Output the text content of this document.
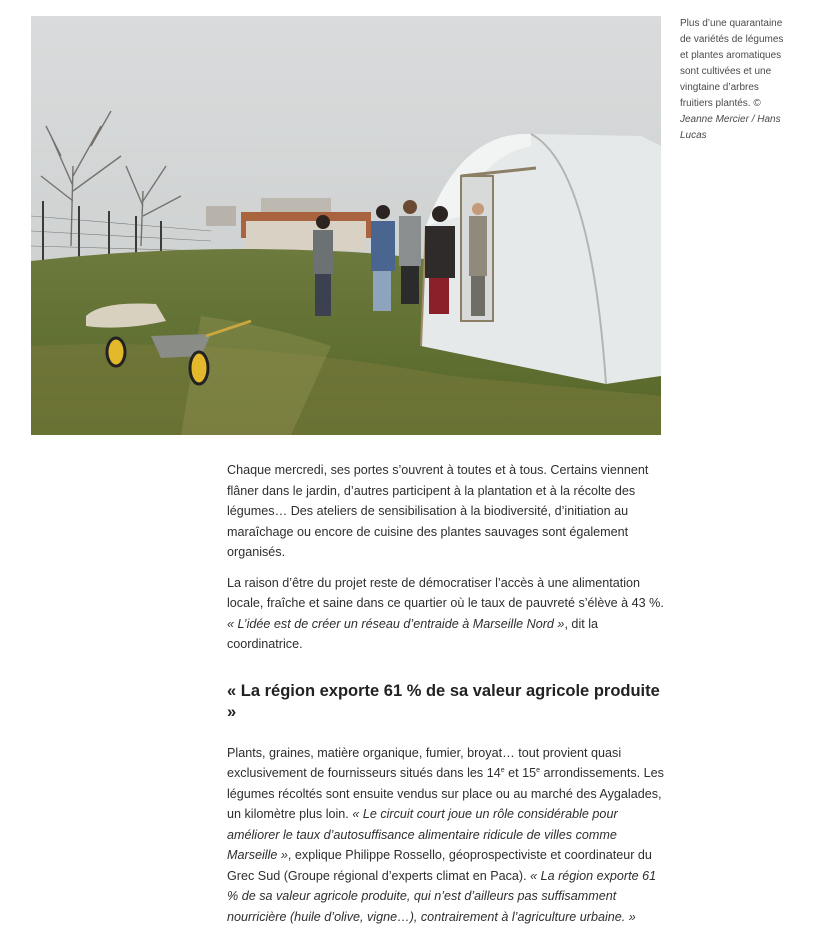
Plus d’une quarantaine de variétés de légumes et plantes aromatiques sont cultivées et une vingtaine d’arbres fruitiers plantés. © Jeanne Mercier / Hans Lucas

Chaque mercredi, ses portes s’ouvrent à toutes et à tous. Certains viennent flâner dans le jardin, d’autres participent à la plantation et à la récolte des légumes… Des ateliers de sensibilisation à la biodiversité, d’initiation au maraîchage ou encore de cuisine des plantes sauvages sont également organisés.

La raison d’être du projet reste de démocratiser l’accès à une alimentation locale, fraîche et saine dans ce quartier où le taux de pauvreté s’élève à 43 %. « L’idée est de créer un réseau d’entraide à Marseille Nord », dit la coordinatrice.

« La région exporte 61 % de sa valeur agricole produite »

Plants, graines, matière organique, fumier, broyat… tout provient quasi exclusivement de fournisseurs situés dans les 14e et 15e arrondissements. Les légumes récoltés sont ensuite vendus sur place ou au marché des Aygalades, un kilomètre plus loin. « Le circuit court joue un rôle considérable pour améliorer le taux d’autosuffisance alimentaire ridicule de villes comme Marseille », explique Philippe Rossello, géoprospectiviste et coordinateur du Grec Sud (Groupe régional d’experts climat en Paca). « La région exporte 61 % de sa valeur agricole produite, qui n’est d’ailleurs pas suffisamment nourricière (huile d’olive, vigne…), contrairement à l’agriculture urbaine. »
